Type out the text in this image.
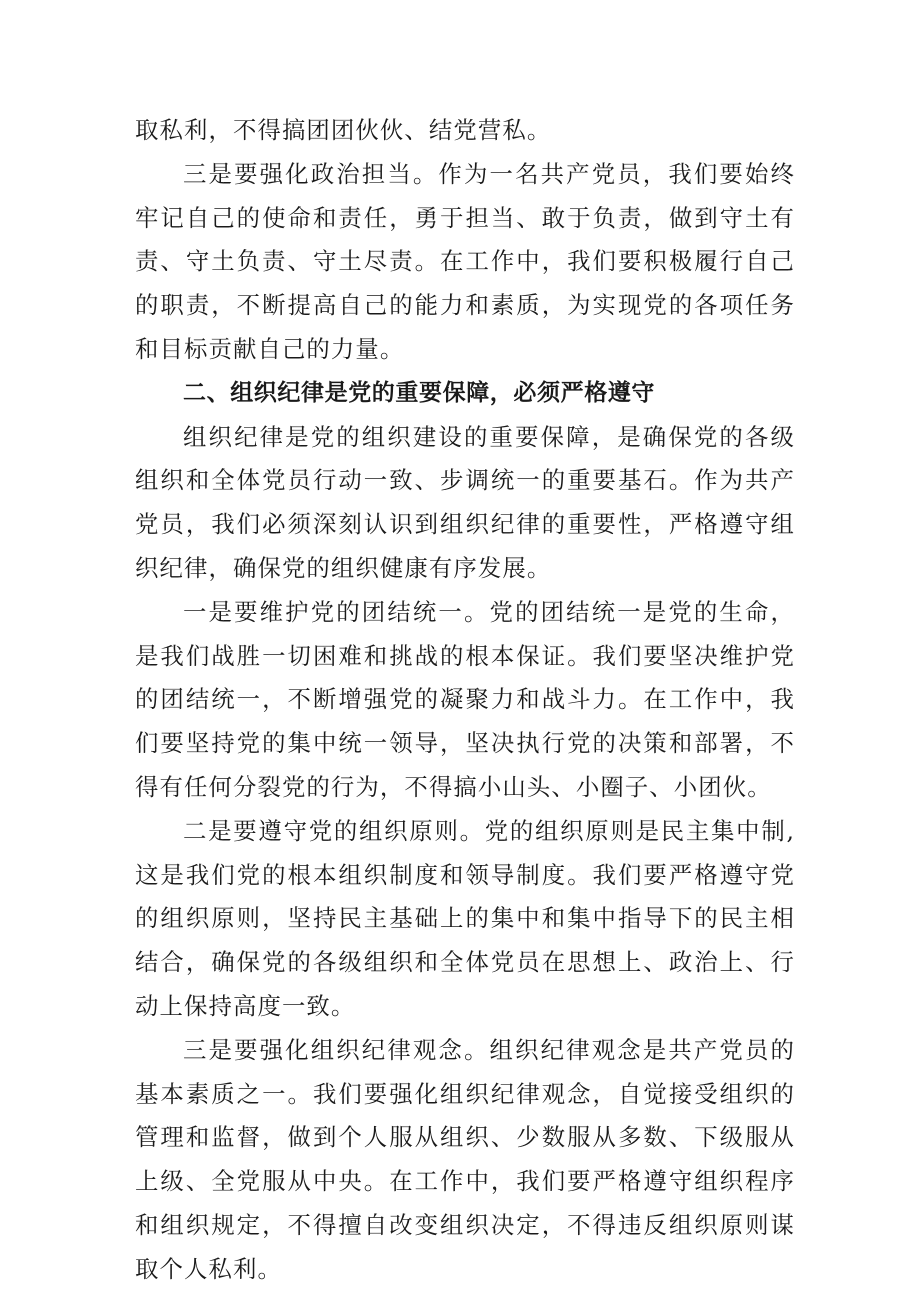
取私利，不得搞团团伙伙、结党营私。

三是要强化政治担当。作为一名共产党员，我们要始终牢记自己的使命和责任，勇于担当、敢于负责，做到守土有责、守土负责、守土尽责。在工作中，我们要积极履行自己的职责，不断提高自己的能力和素质，为实现党的各项任务和目标贡献自己的力量。

二、组织纪律是党的重要保障，必须严格遵守

组织纪律是党的组织建设的重要保障，是确保党的各级组织和全体党员行动一致、步调统一的重要基石。作为共产党员，我们必须深刻认识到组织纪律的重要性，严格遵守组织纪律，确保党的组织健康有序发展。

一是要维护党的团结统一。党的团结统一是党的生命，是我们战胜一切困难和挑战的根本保证。我们要坚决维护党的团结统一，不断增强党的凝聚力和战斗力。在工作中，我们要坚持党的集中统一领导，坚决执行党的决策和部署，不得有任何分裂党的行为，不得搞小山头、小圈子、小团伙。

二是要遵守党的组织原则。党的组织原则是民主集中制,这是我们党的根本组织制度和领导制度。我们要严格遵守党的组织原则，坚持民主基础上的集中和集中指导下的民主相结合，确保党的各级组织和全体党员在思想上、政治上、行动上保持高度一致。

三是要强化组织纪律观念。组织纪律观念是共产党员的基本素质之一。我们要强化组织纪律观念，自觉接受组织的管理和监督，做到个人服从组织、少数服从多数、下级服从上级、全党服从中央。在工作中，我们要严格遵守组织程序和组织规定，不得擅自改变组织决定，不得违反组织原则谋取个人私利。
